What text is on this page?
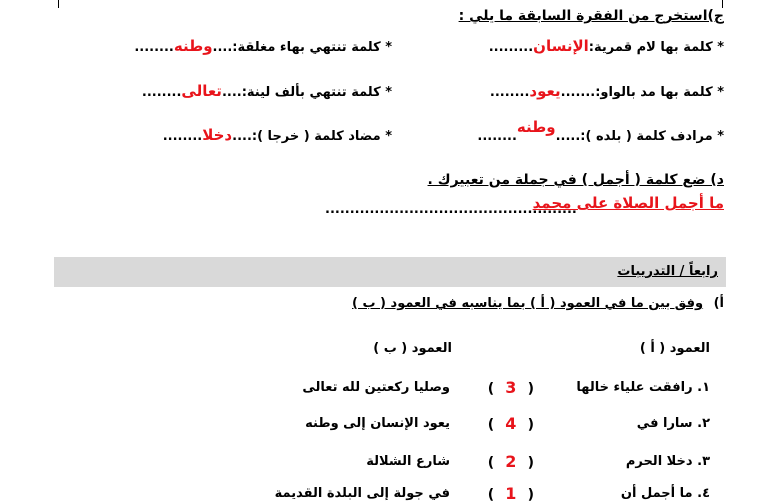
ج)استخرج من الفقرة السابقة ما يلي :
* كلمة بها لام قمرية:الإنسان.........
* كلمة تنتهي بهاء مغلقة:....وطنه........
* كلمة بها مد بالواو:.......يعود........
* كلمة تنتهي بألف لينة:....تعالى........
* مرادف كلمة ( بلده ):.....وطنه........
* مضاد كلمة ( خرجا ):....دخلا........
د) ضع كلمة ( أجمل ) في جملة من تعبيرك .
ما أجمل الصلاة على محمد
...................................................
رابعاً / التدريبات
أ) وفق بين ما في العمود ( أ ) بما يناسبه في العمود ( ب )
العمود ( أ )
العمود ( ب )
١. رافقت علياء خالها
(  3  )
وصليا ركعتين لله تعالى
٢. سارا في
(  4  )
يعود الإنسان إلى وطنه
٣. دخلا الحرم
(  2  )
شارع الشلالة
٤. ما أجمل أن
(  1  )
في جولة إلى البلدة القديمة
